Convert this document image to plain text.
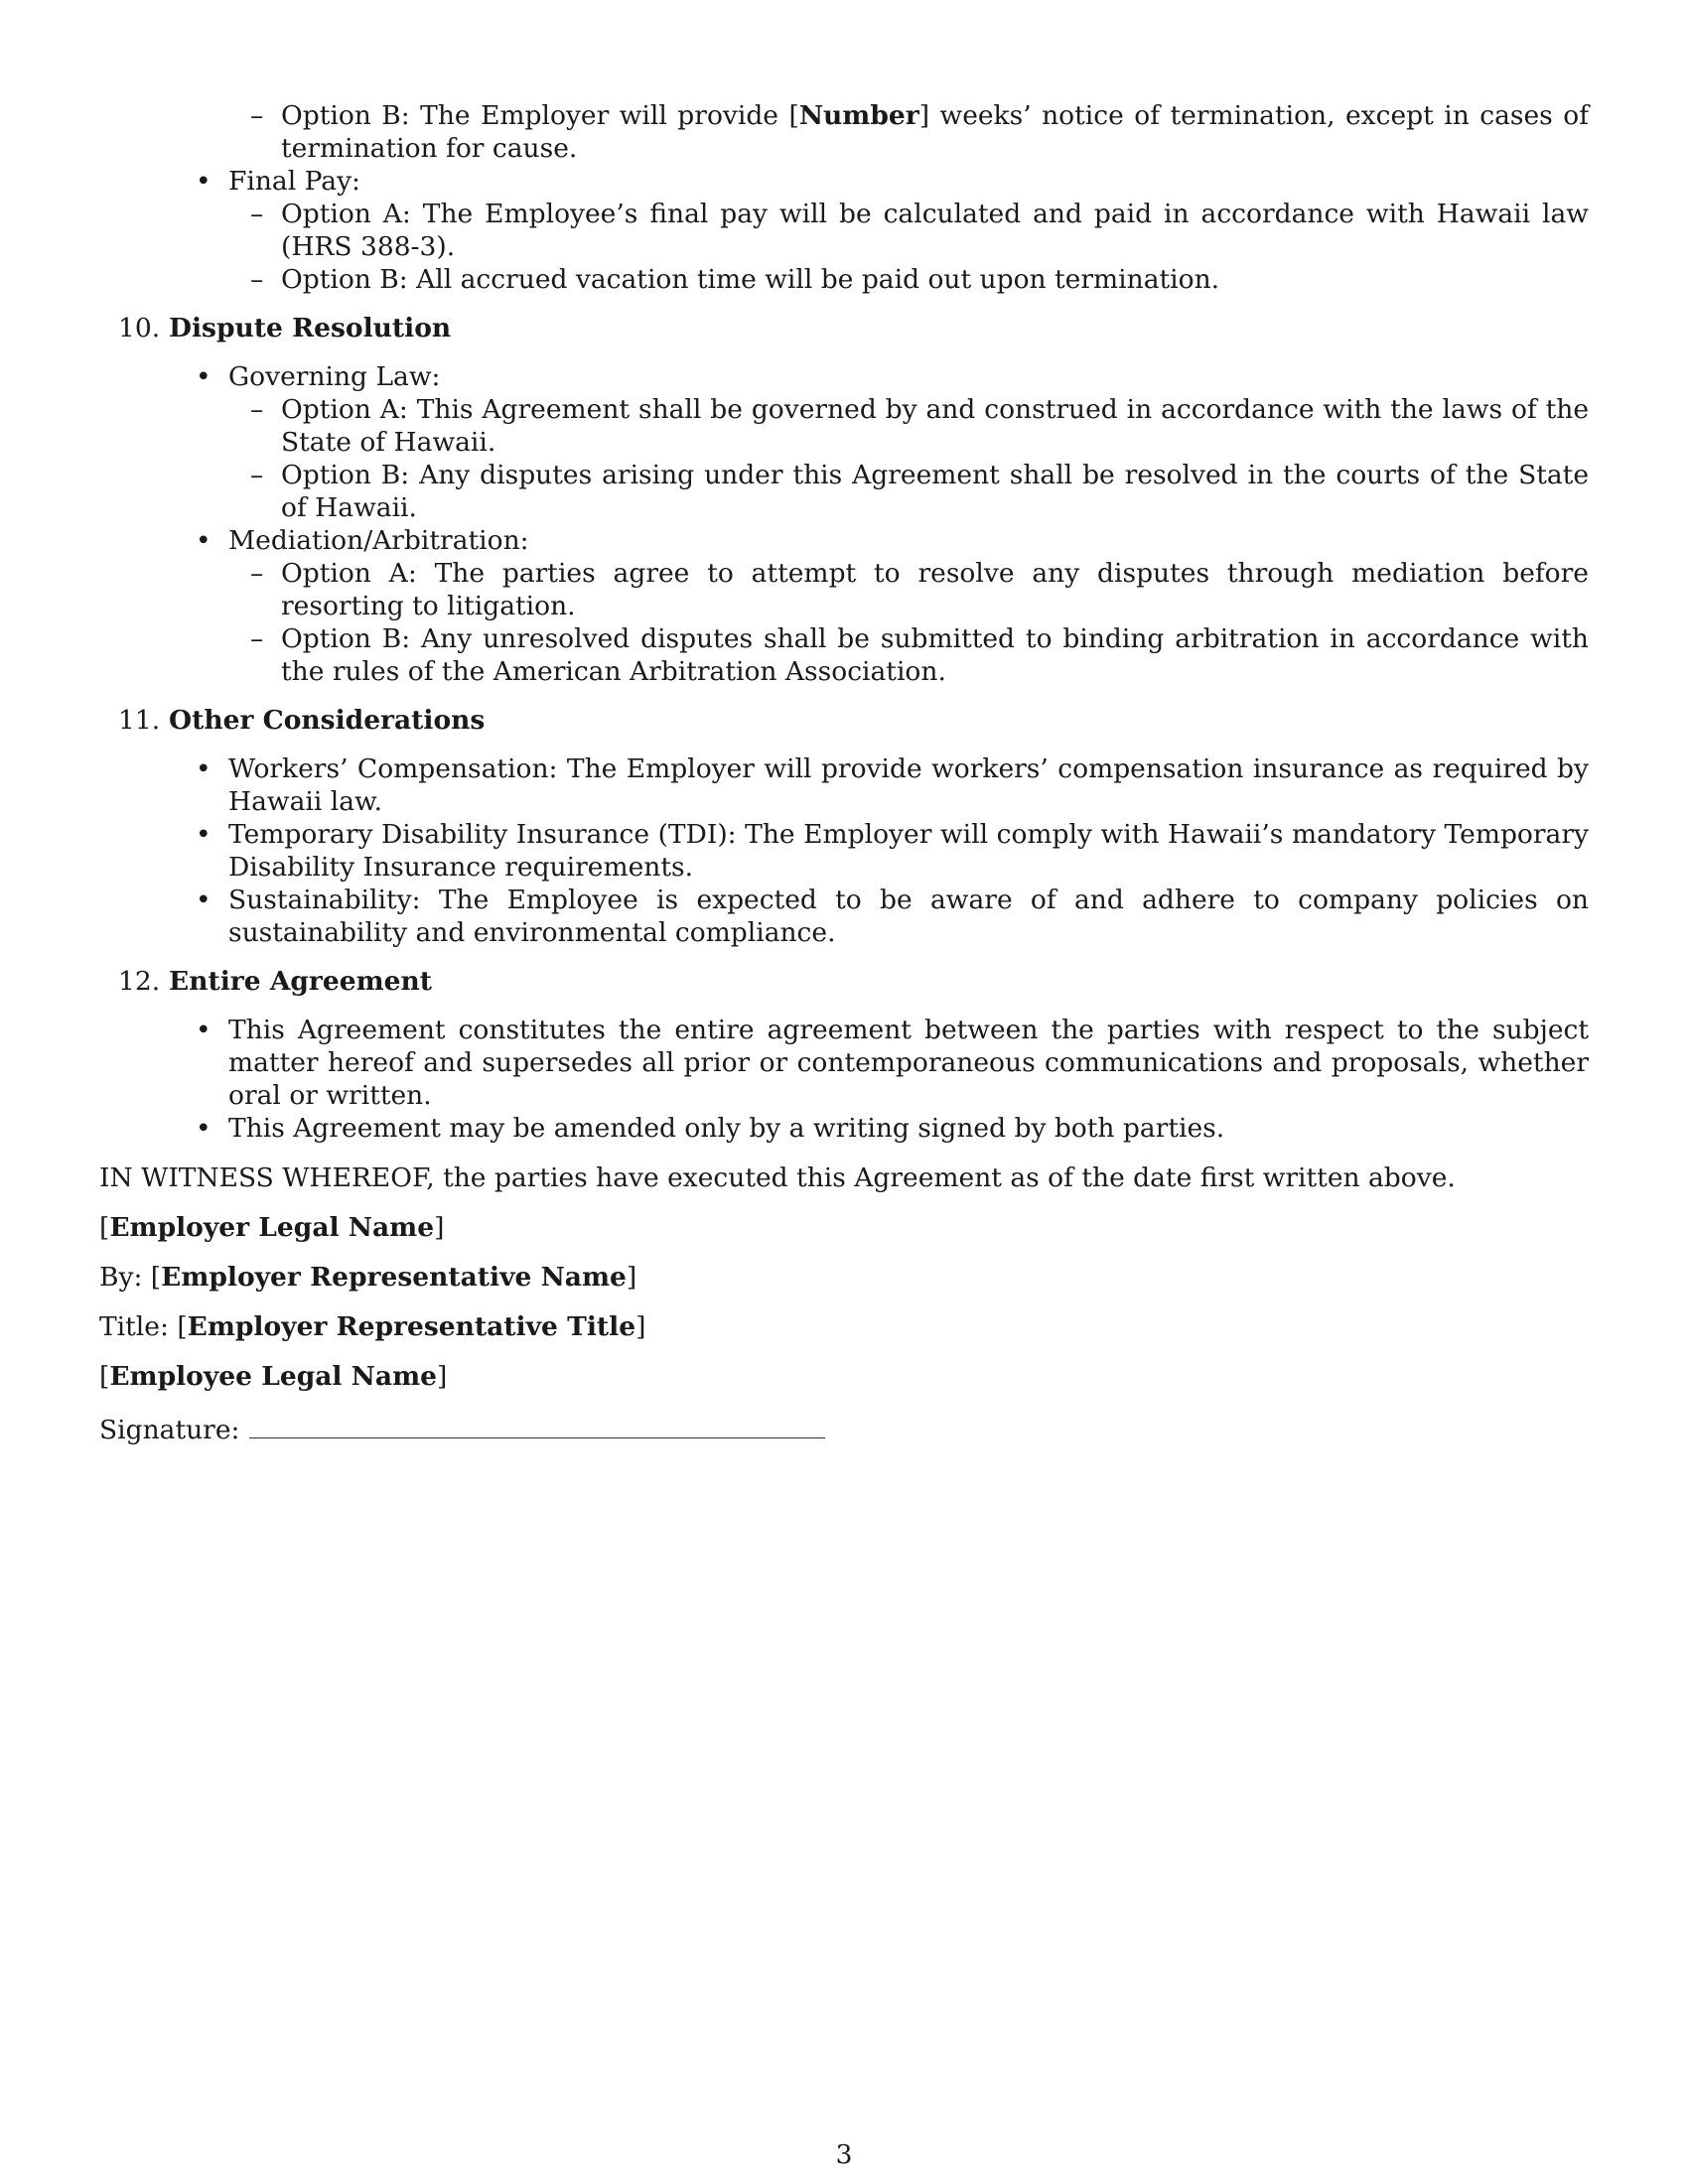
– Option B: The Employer will provide [Number] weeks’ notice of termination, except in cases of termination for cause.
• Final Pay:
– Option A: The Employee’s final pay will be calculated and paid in accordance with Hawaii law (HRS 388-3).
– Option B: All accrued vacation time will be paid out upon termination.
10. Dispute Resolution
• Governing Law:
– Option A: This Agreement shall be governed by and construed in accordance with the laws of the State of Hawaii.
– Option B: Any disputes arising under this Agreement shall be resolved in the courts of the State of Hawaii.
• Mediation/Arbitration:
– Option A: The parties agree to attempt to resolve any disputes through mediation before resorting to litigation.
– Option B: Any unresolved disputes shall be submitted to binding arbitration in accordance with the rules of the American Arbitration Association.
11. Other Considerations
• Workers’ Compensation: The Employer will provide workers’ compensation insurance as required by Hawaii law.
• Temporary Disability Insurance (TDI): The Employer will comply with Hawaii’s mandatory Temporary Disability Insurance requirements.
• Sustainability: The Employee is expected to be aware of and adhere to company policies on sustainability and environmental compliance.
12. Entire Agreement
• This Agreement constitutes the entire agreement between the parties with respect to the subject matter hereof and supersedes all prior or contemporaneous communications and proposals, whether oral or written.
• This Agreement may be amended only by a writing signed by both parties.
IN WITNESS WHEREOF, the parties have executed this Agreement as of the date first written above.
[Employer Legal Name]
By: [Employer Representative Name]
Title: [Employer Representative Title]
[Employee Legal Name]
Signature:
3
